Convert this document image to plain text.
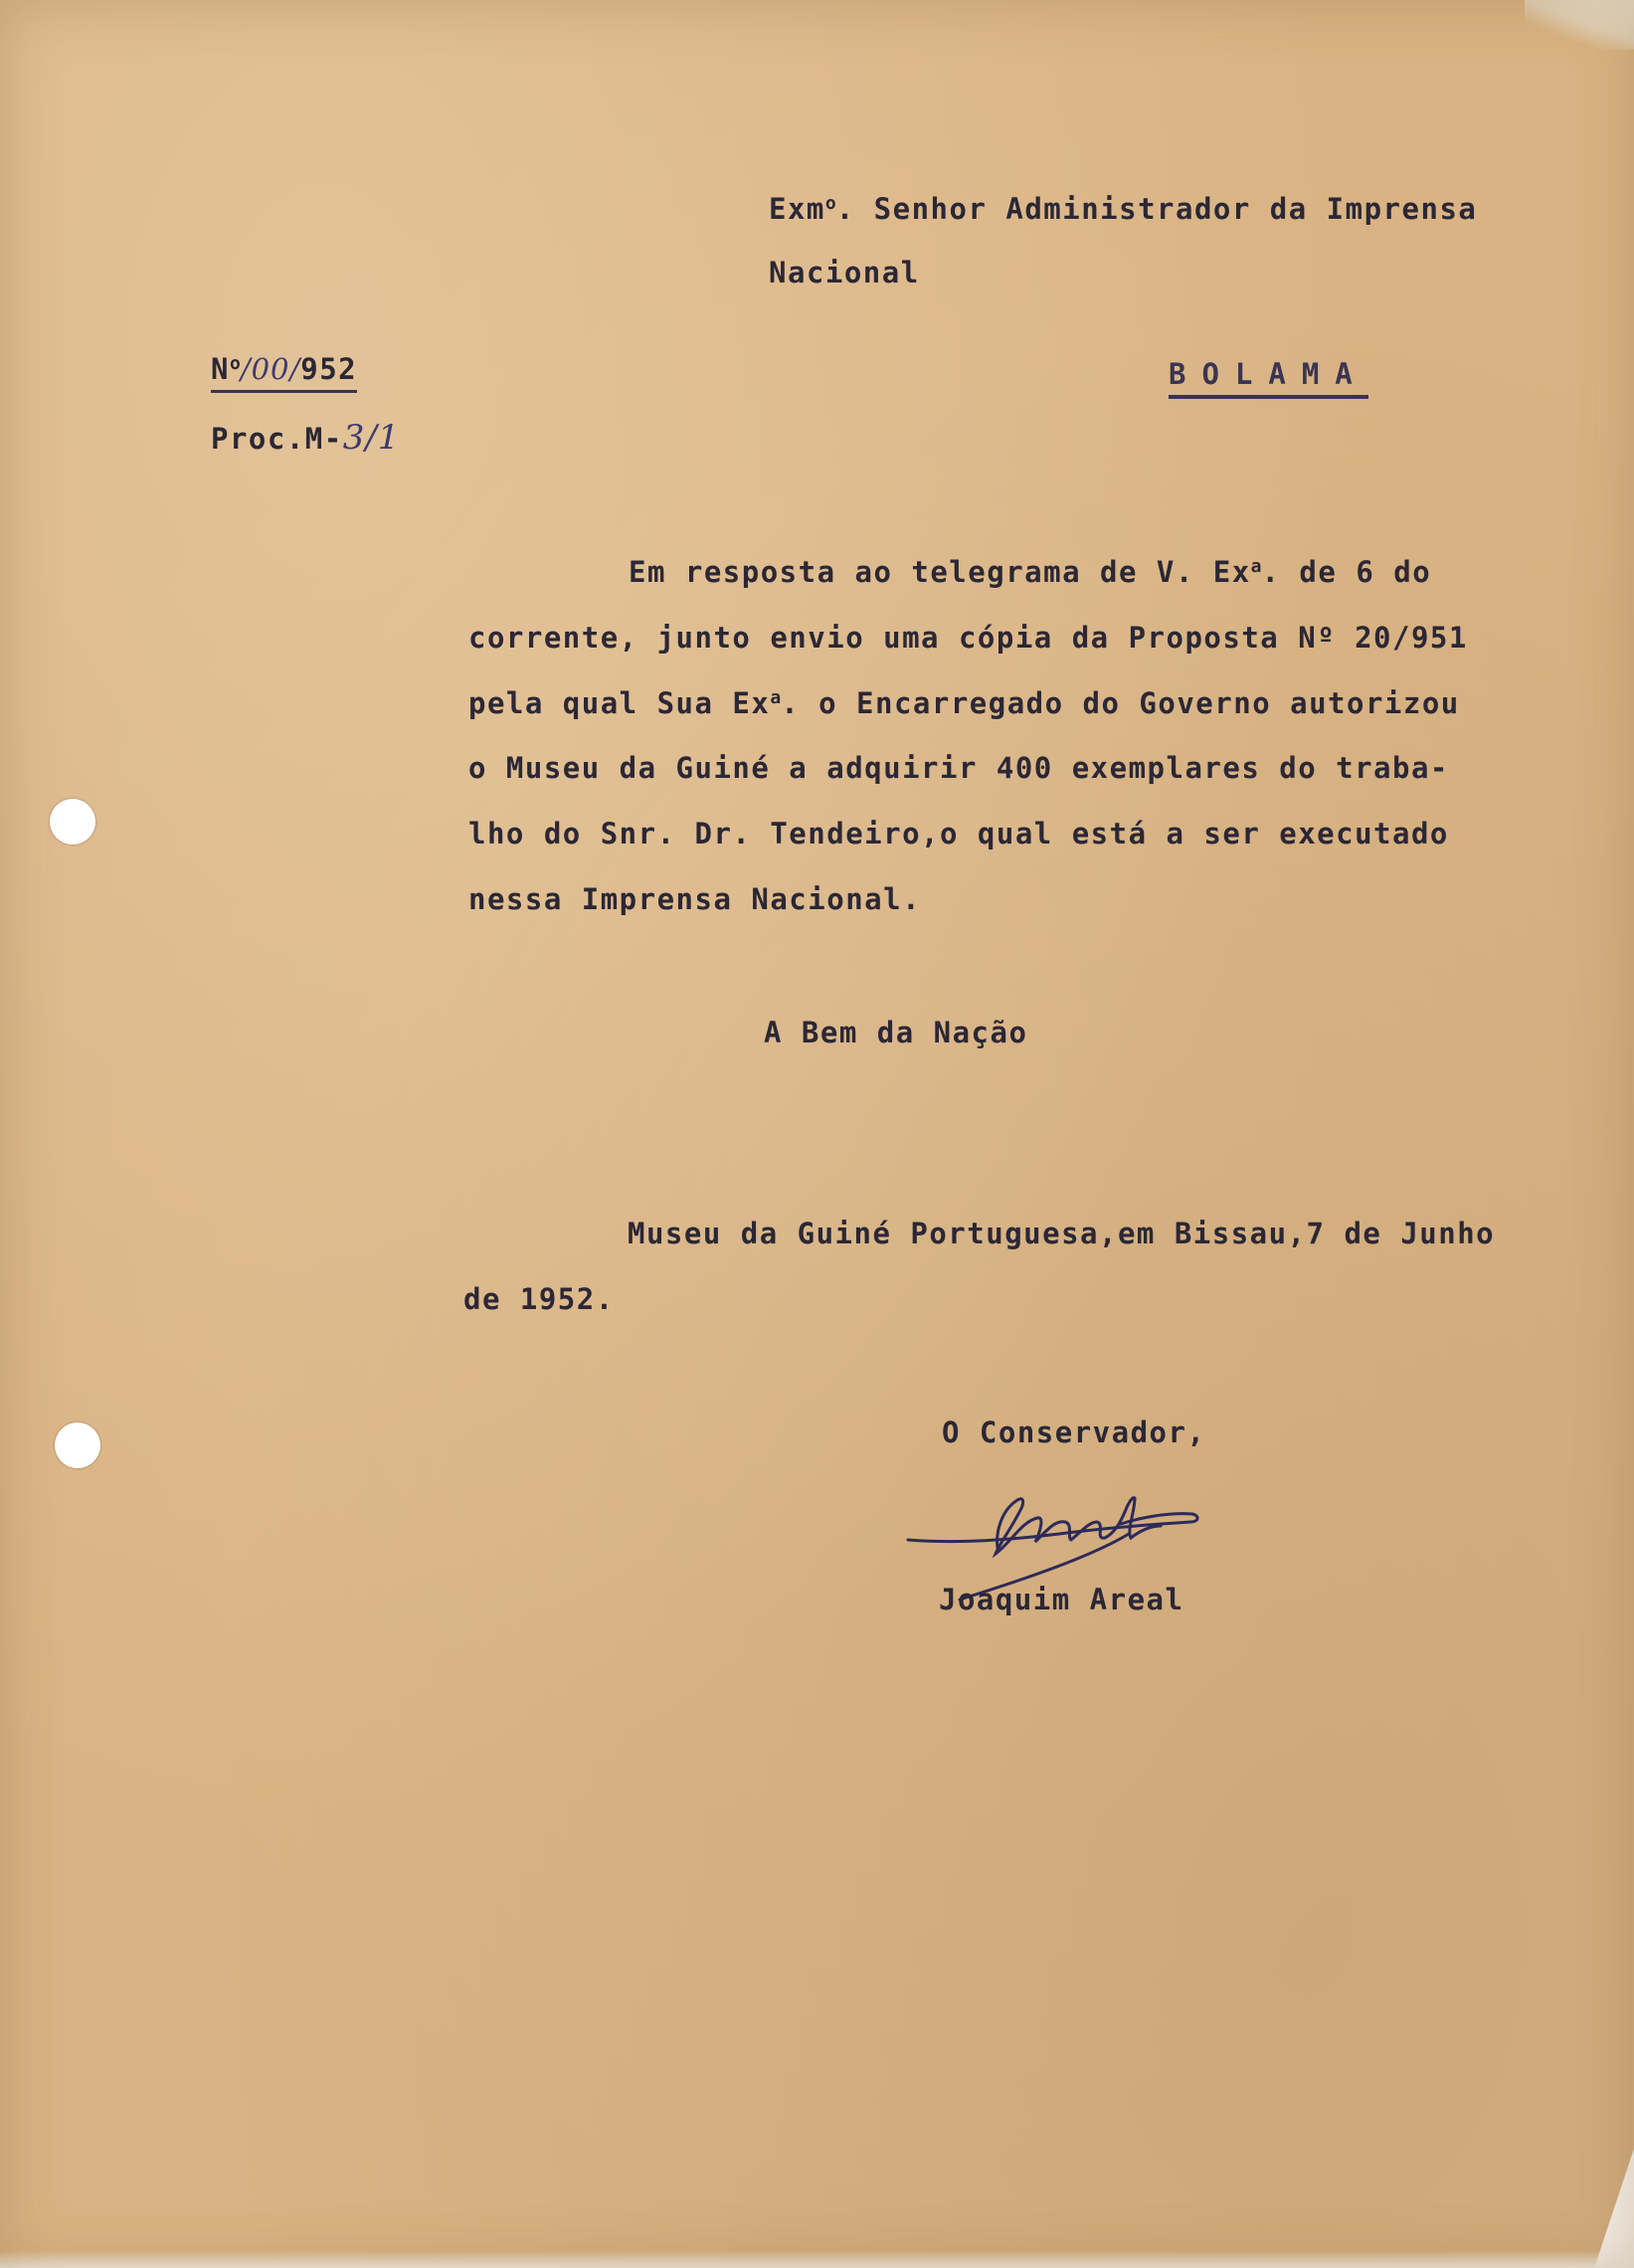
Exm$^o$. Senhor Administrador da Imprensa
Nacional
$N^o/00/952$
Proc.M-3/1
BOLAMA
Em resposta ao telegrama de V. Ex$^a$. de 6 do
corrente, junto envio uma cópia da Proposta Nº 20/951
pela qual Sua Ex$^a$. o Encarregado do Governo autorizou
o Museu da Guiné a adquirir 400 exemplares do traba-
lho do Snr. Dr. Tendeiro,o qual está a ser executado
nessa Imprensa Nacional.
A Bem da Nação
Museu da Guiné Portuguesa,em Bissau,7 de Junho
de 1952.
O Conservador,
Joaquim Areal
